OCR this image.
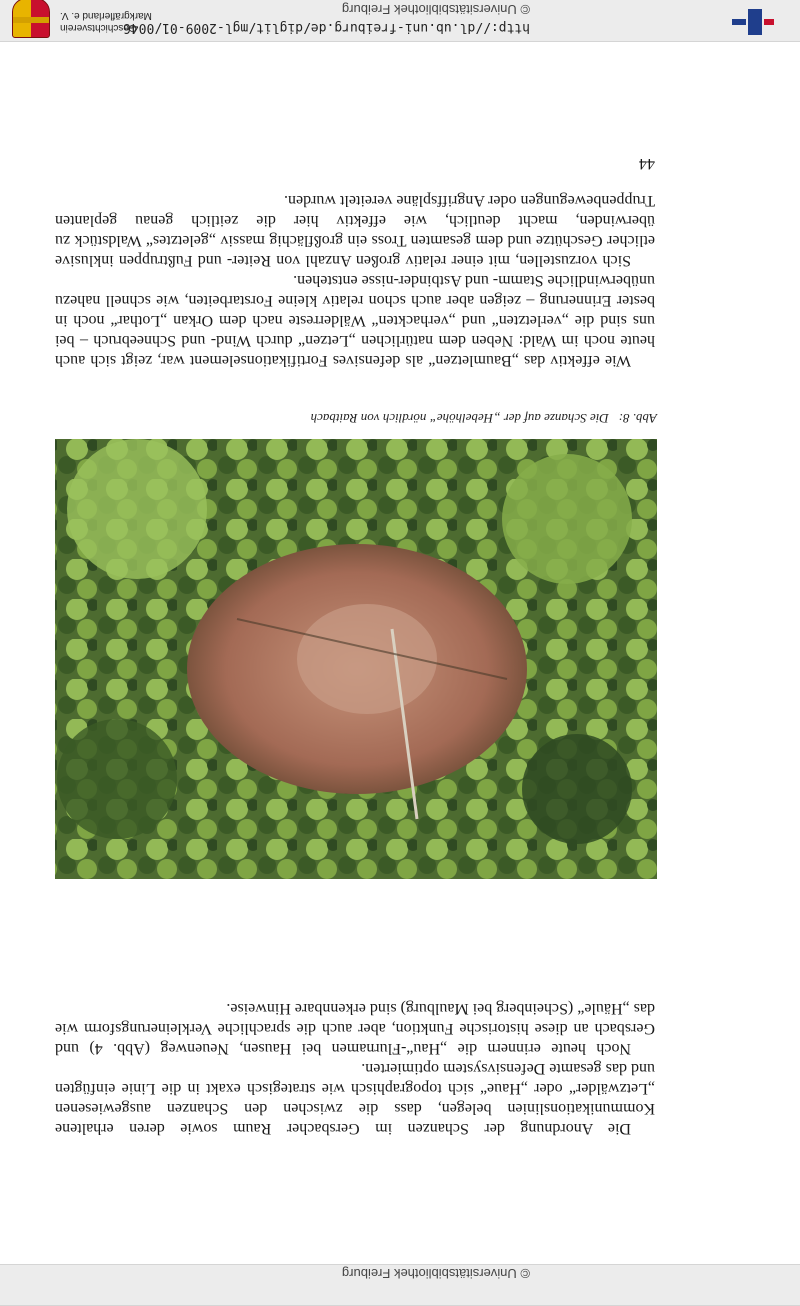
© Universitätsbibliothek Freiburg

Die Anordnung der Schanzen im Gersbacher Raum sowie deren erhaltene Kommunikationslinien belegen, dass die zwischen den Schanzen ausgewiesenen „Letzwälder“ oder „Haue“ sich topographisch wie strategisch exakt in die Linie einfügten und das gesamte Defensivsystem optimierten.

Noch heute erinnern die „Hau“-Flurnamen bei Hausen, Neuenweg (Abb. 4) und Gersbach an diese historische Funktion, aber auch die sprachliche Verkleinerungsform wie das „Häule“ (Scheinberg bei Maulburg) sind erkennbare Hinweise.

Abb. 8:Die Schanze auf der „Hebelhöhe“ nördlich von Raitbach

Wie effektiv das „Baumletzen“ als defensives Fortifikationselement war, zeigt sich auch heute noch im Wald: Neben dem natürlichen „Letzen“ durch Wind- und Schneebruch – bei uns sind die „verletzten“ und „verhackten“ Wälderreste nach dem Orkan „Lothar“ noch in bester Erinnerung – zeigen aber auch schon relativ kleine Forstarbeiten, wie schnell nahezu unüberwindliche Stamm- und Astbinder-nisse entstehen.

Sich vorzustellen, mit einer relativ großen Anzahl von Reiter- und Fußtruppen inklusive etlicher Geschütze und dem gesamten Tross ein großflächig massiv „geletztes“ Waldstück zu überwinden, macht deutlich, wie effektiv hier die zeitlich genau geplanten Truppenbewegungen oder Angriffspläne vereitelt wurden.

44
http://dl.ub.uni-freiburg.de/diglit/mgl-2009-01/0046
© Universitätsbibliothek Freiburg
Geschichtsverein
Markgräflerland e. V.
